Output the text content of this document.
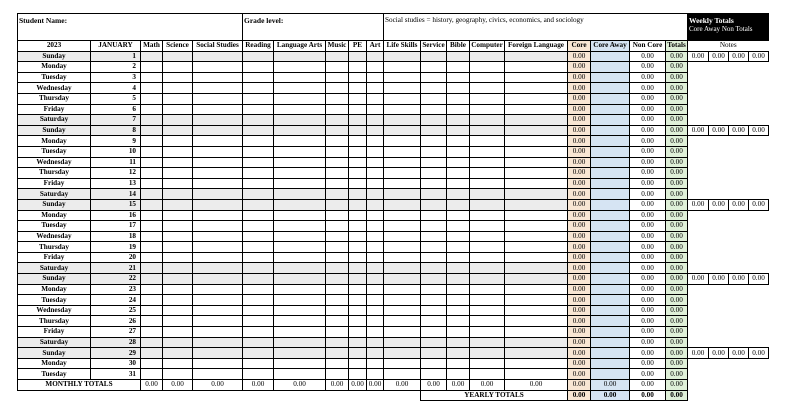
Student Name:					Grade level:					Social studies = history, geography, civics, economics, and sociology									Weekly Totals
Core Away Non Totals			

2023	JANUARY	Math	Science	Social Studies	Reading	Language Arts	Music	PE	Art	Life Skills	Service	Bible	Computer	Foreign Language	Core	Core Away	Non Core	Totals	Notes			
Sunday	1														0.00		0.00	0.00	0.00	0.00	0.00	0.00
Monday	2														0.00		0.00	0.00				
Tuesday	3														0.00		0.00	0.00				
Wednesday	4														0.00		0.00	0.00				
Thursday	5														0.00		0.00	0.00				
Friday	6														0.00		0.00	0.00				
Saturday	7														0.00		0.00	0.00				
Sunday	8														0.00		0.00	0.00	0.00	0.00	0.00	0.00
Monday	9														0.00		0.00	0.00				
Tuesday	10														0.00		0.00	0.00				
Wednesday	11														0.00		0.00	0.00				
Thursday	12														0.00		0.00	0.00				
Friday	13														0.00		0.00	0.00				
Saturday	14														0.00		0.00	0.00				
Sunday	15														0.00		0.00	0.00	0.00	0.00	0.00	0.00
Monday	16														0.00		0.00	0.00				
Tuesday	17														0.00		0.00	0.00				
Wednesday	18														0.00		0.00	0.00				
Thursday	19														0.00		0.00	0.00				
Friday	20														0.00		0.00	0.00				
Saturday	21														0.00		0.00	0.00				
Sunday	22														0.00		0.00	0.00	0.00	0.00	0.00	0.00
Monday	23														0.00		0.00	0.00				
Tuesday	24														0.00		0.00	0.00				
Wednesday	25														0.00		0.00	0.00				
Thursday	26														0.00		0.00	0.00				
Friday	27														0.00		0.00	0.00				
Saturday	28														0.00		0.00	0.00				
Sunday	29														0.00		0.00	0.00	0.00	0.00	0.00	0.00
Monday	30														0.00		0.00	0.00				
Tuesday	31														0.00		0.00	0.00				
MONTHLY TOTALS		0.00	0.00	0.00	0.00	0.00	0.00	0.00	0.00	0.00	0.00	0.00	0.00	0.00	0.00	0.00	0.00	0.00				
											YEARLY TOTALS				0.00	0.00	0.00	0.00				
